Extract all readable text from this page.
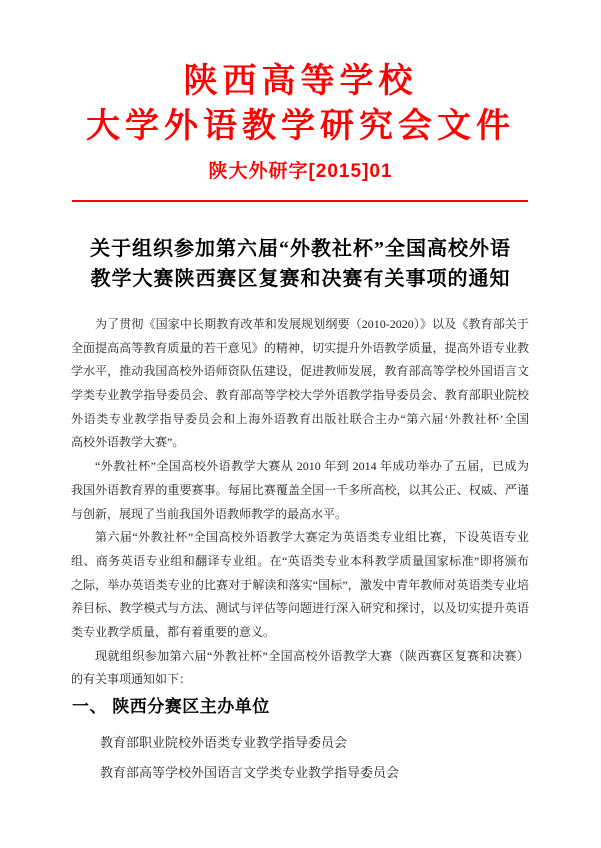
陕西高等学校
大学外语教学研究会文件
陕大外研字[2015]01
关于组织参加第六届“外教社杯”全国高校外语
教学大赛陕西赛区复赛和决赛有关事项的通知
为了贯彻《国家中长期教育改革和发展规划纲要（2010-2020）》以及《教育部关于
全面提高高等教育质量的若干意见》的精神，切实提升外语教学质量，提高外语专业教
学水平，推动我国高校外语师资队伍建设，促进教师发展，教育部高等学校外国语言文
学类专业教学指导委员会、教育部高等学校大学外语教学指导委员会、教育部职业院校
外语类专业教学指导委员会和上海外语教育出版社联合主办“第六届‘外教社杯’全国
高校外语教学大赛”。
“外教社杯”全国高校外语教学大赛从 2010 年到 2014 年成功举办了五届，已成为
我国外语教育界的重要赛事。每届比赛覆盖全国一千多所高校，以其公正、权威、严谨
与创新，展现了当前我国外语教师教学的最高水平。
第六届“外教社杯”全国高校外语教学大赛定为英语类专业组比赛，下设英语专业
组、商务英语专业组和翻译专业组。在“英语类专业本科教学质量国家标准”即将颁布
之际，举办英语类专业的比赛对于解读和落实“国标”，激发中青年教师对英语类专业培
养目标、教学模式与方法、测试与评估等问题进行深入研究和探讨，以及切实提升英语
类专业教学质量，都有着重要的意义。
现就组织参加第六届“外教社杯”全国高校外语教学大赛（陕西赛区复赛和决赛）
的有关事项通知如下：
一、 陕西分赛区主办单位
教育部职业院校外语类专业教学指导委员会
教育部高等学校外国语言文学类专业教学指导委员会
